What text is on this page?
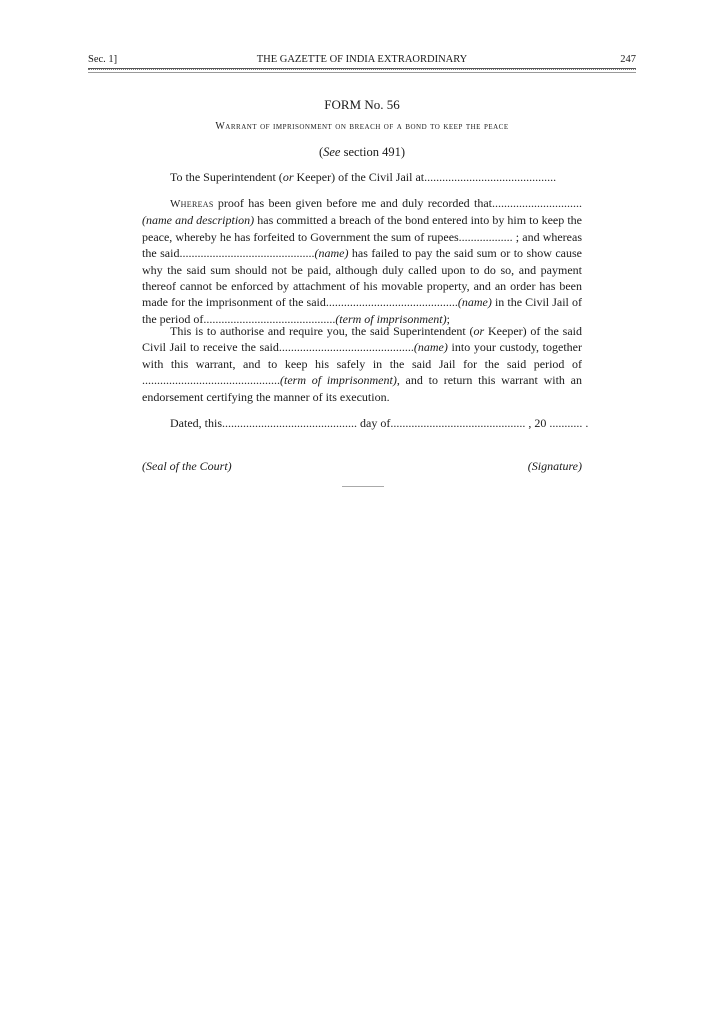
Sec. 1]	THE GAZETTE OF INDIA EXTRAORDINARY	247
FORM No. 56
Warrant of imprisonment on breach of a bond to keep the peace
(See section 491)
To the Superintendent (or Keeper) of the Civil Jail at............................................
Whereas proof has been given before me and duly recorded that..............................(name and description) has committed a breach of the bond entered into by him to keep the peace, whereby he has forfeited to Government the sum of rupees.................. ; and whereas the said.............................................(name) has failed to pay the said sum or to show cause why the said sum should not be paid, although duly called upon to do so, and payment thereof cannot be enforced by attachment of his movable property, and an order has been made for the imprisonment of the said............................................(name) in the Civil Jail of the period of............................................(term of imprisonment);
This is to authorise and require you, the said Superintendent (or Keeper) of the said Civil Jail to receive the said.............................................(name) into your custody, together with this warrant, and to keep his safely in the said Jail for the said period of ..............................................(term of imprisonment), and to return this warrant with an endorsement certifying the manner of its execution.
Dated, this............................................. day of............................................. , 20 ........... .
(Seal of the Court)	(Signature)
